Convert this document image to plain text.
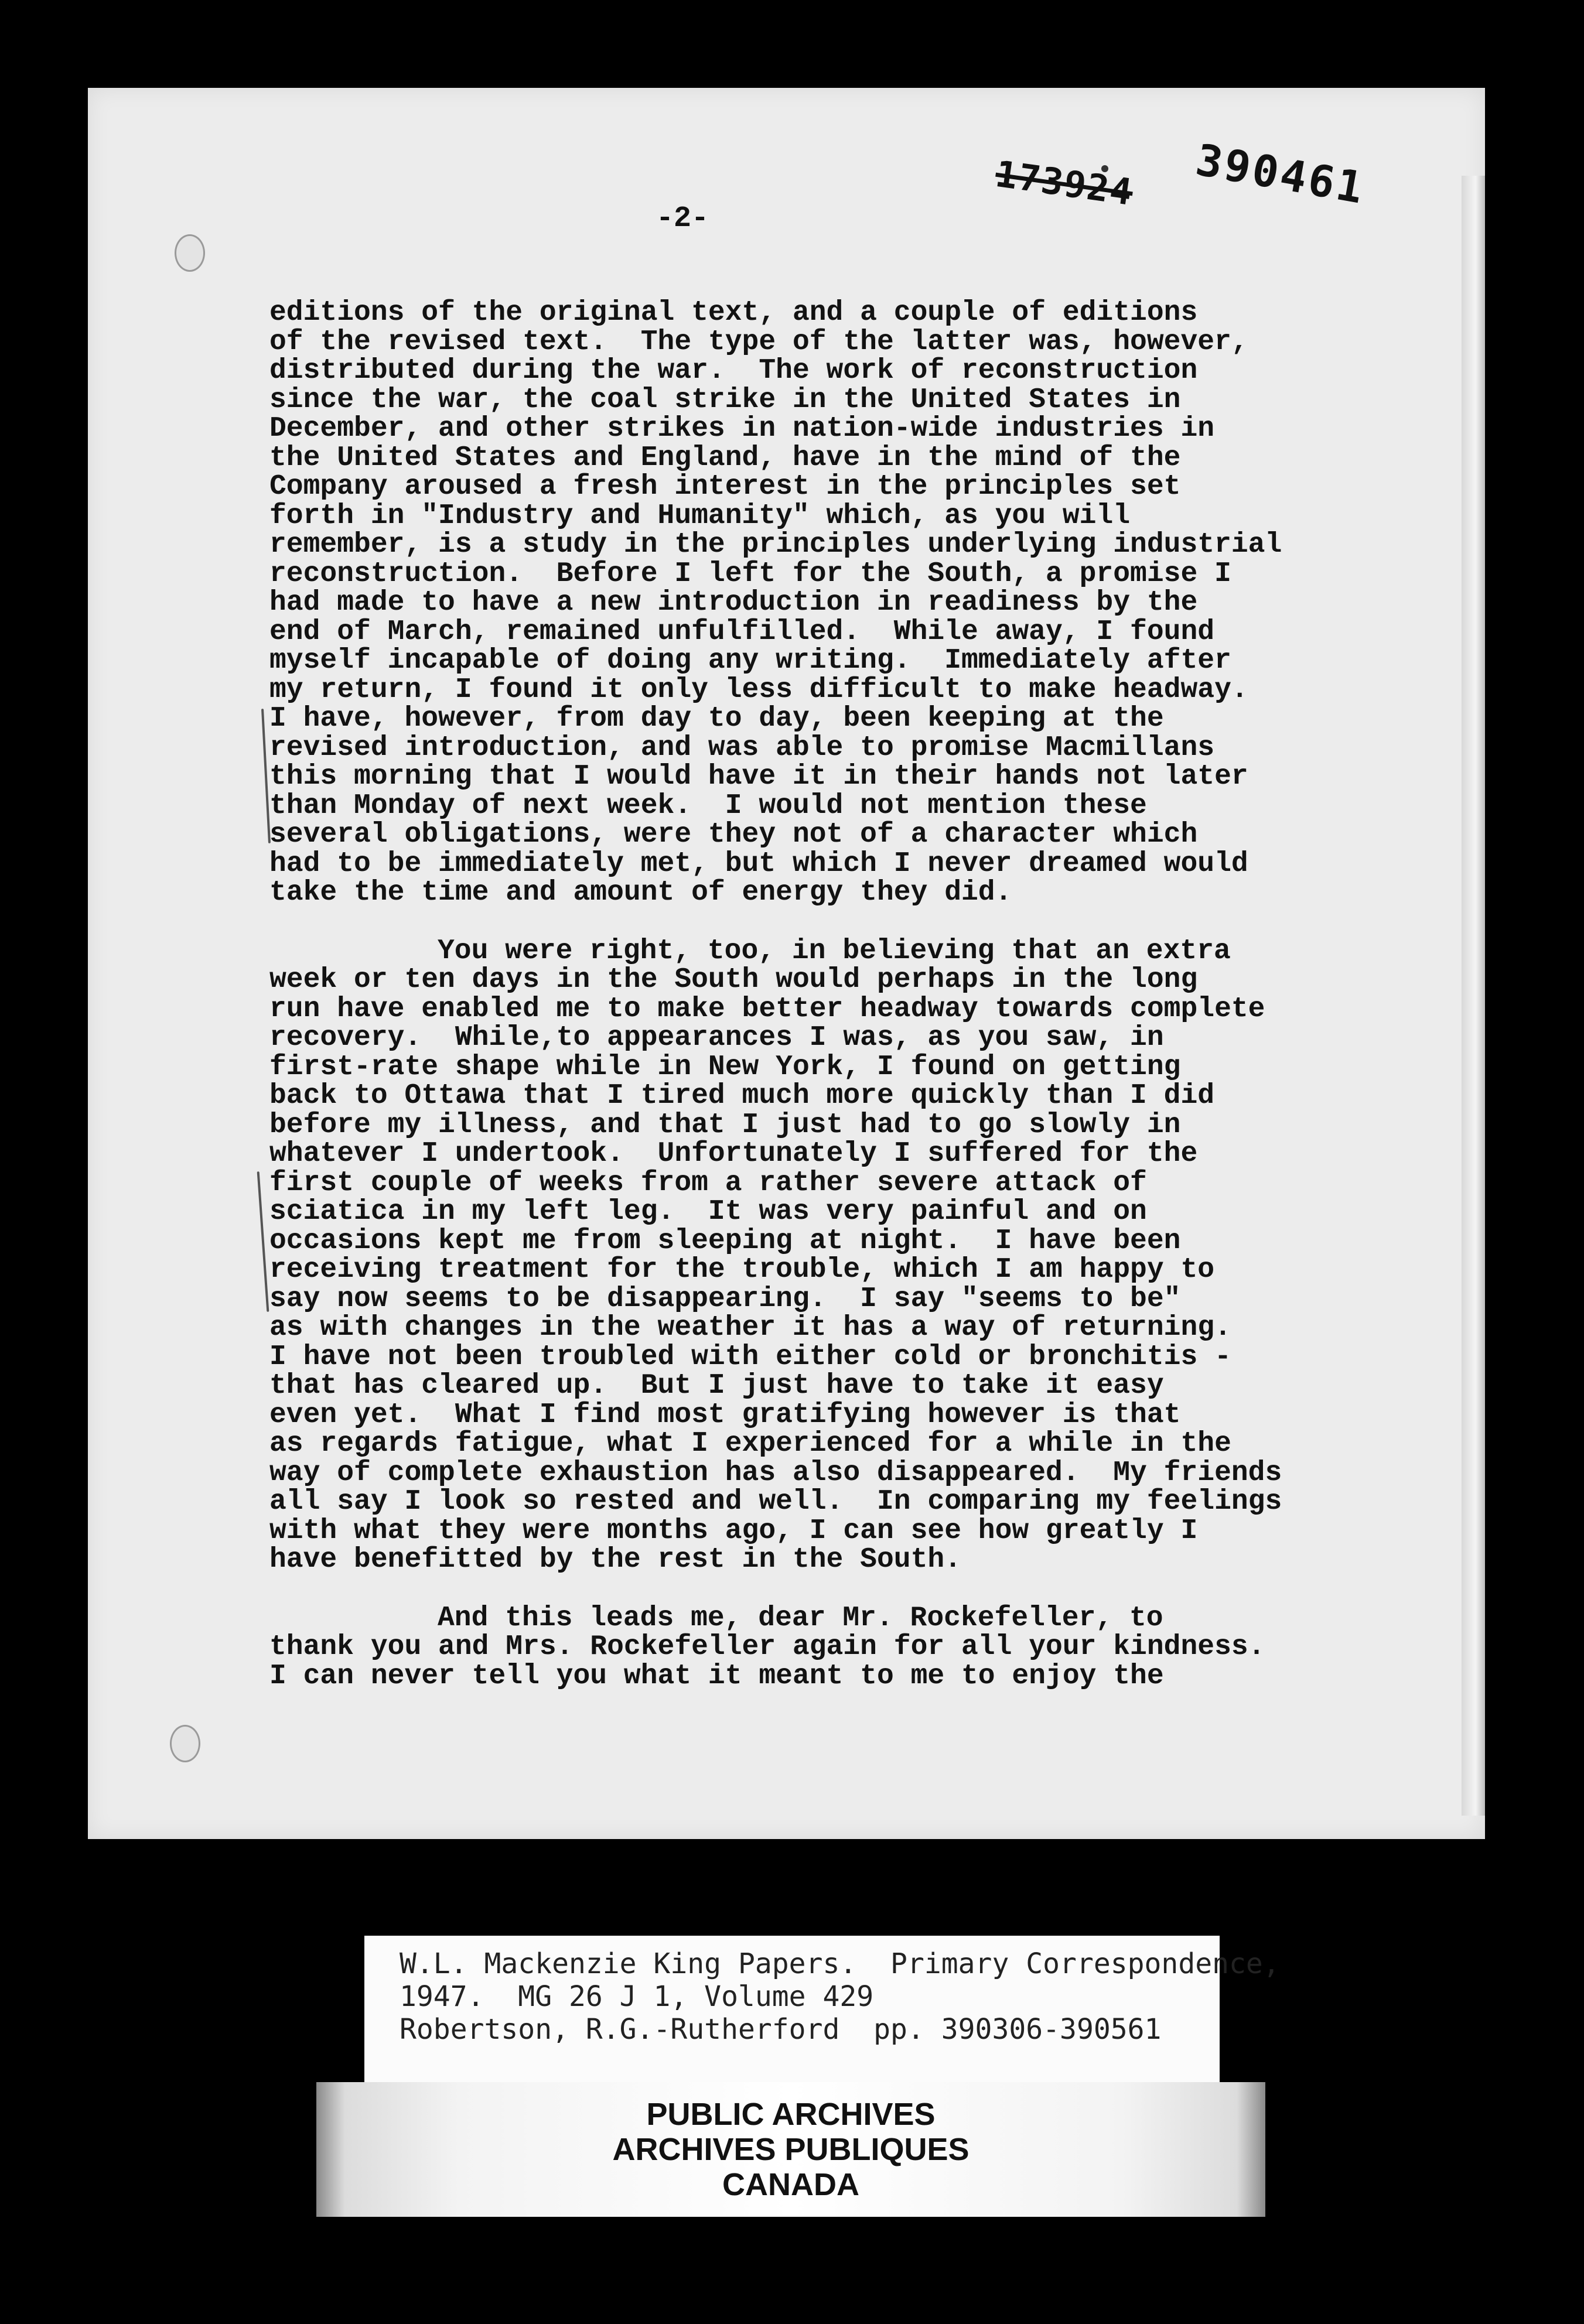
173924 390461
-2-
editions of the original text, and a couple of editions
of the revised text.  The type of the latter was, however,
distributed during the war.  The work of reconstruction
since the war, the coal strike in the United States in
December, and other strikes in nation-wide industries in
the United States and England, have in the mind of the
Company aroused a fresh interest in the principles set
forth in "Industry and Humanity" which, as you will
remember, is a study in the principles underlying industrial
reconstruction.  Before I left for the South, a promise I
had made to have a new introduction in readiness by the
end of March, remained unfulfilled.  While away, I found
myself incapable of doing any writing.  Immediately after
my return, I found it only less difficult to make headway.
I have, however, from day to day, been keeping at the
revised introduction, and was able to promise Macmillans
this morning that I would have it in their hands not later
than Monday of next week.  I would not mention these
several obligations, were they not of a character which
had to be immediately met, but which I never dreamed would
take the time and amount of energy they did.
You were right, too, in believing that an extra
week or ten days in the South would perhaps in the long
run have enabled me to make better headway towards complete
recovery.  While,to appearances I was, as you saw, in
first-rate shape while in New York, I found on getting
back to Ottawa that I tired much more quickly than I did
before my illness, and that I just had to go slowly in
whatever I undertook.  Unfortunately I suffered for the
first couple of weeks from a rather severe attack of
sciatica in my left leg.  It was very painful and on
occasions kept me from sleeping at night.  I have been
receiving treatment for the trouble, which I am happy to
say now seems to be disappearing.  I say "seems to be"
as with changes in the weather it has a way of returning.
I have not been troubled with either cold or bronchitis -
that has cleared up.  But I just have to take it easy
even yet.  What I find most gratifying however is that
as regards fatigue, what I experienced for a while in the
way of complete exhaustion has also disappeared.  My friends
all say I look so rested and well.  In comparing my feelings
with what they were months ago, I can see how greatly I
have benefitted by the rest in the South.
And this leads me, dear Mr. Rockefeller, to
thank you and Mrs. Rockefeller again for all your kindness.
I can never tell you what it meant to me to enjoy the
W.L. Mackenzie King Papers.  Primary Correspondence,
1947.  MG 26 J 1, Volume 429
Robertson, R.G.-Rutherford  pp. 390306-390561
PUBLIC ARCHIVES
ARCHIVES PUBLIQUES
CANADA
